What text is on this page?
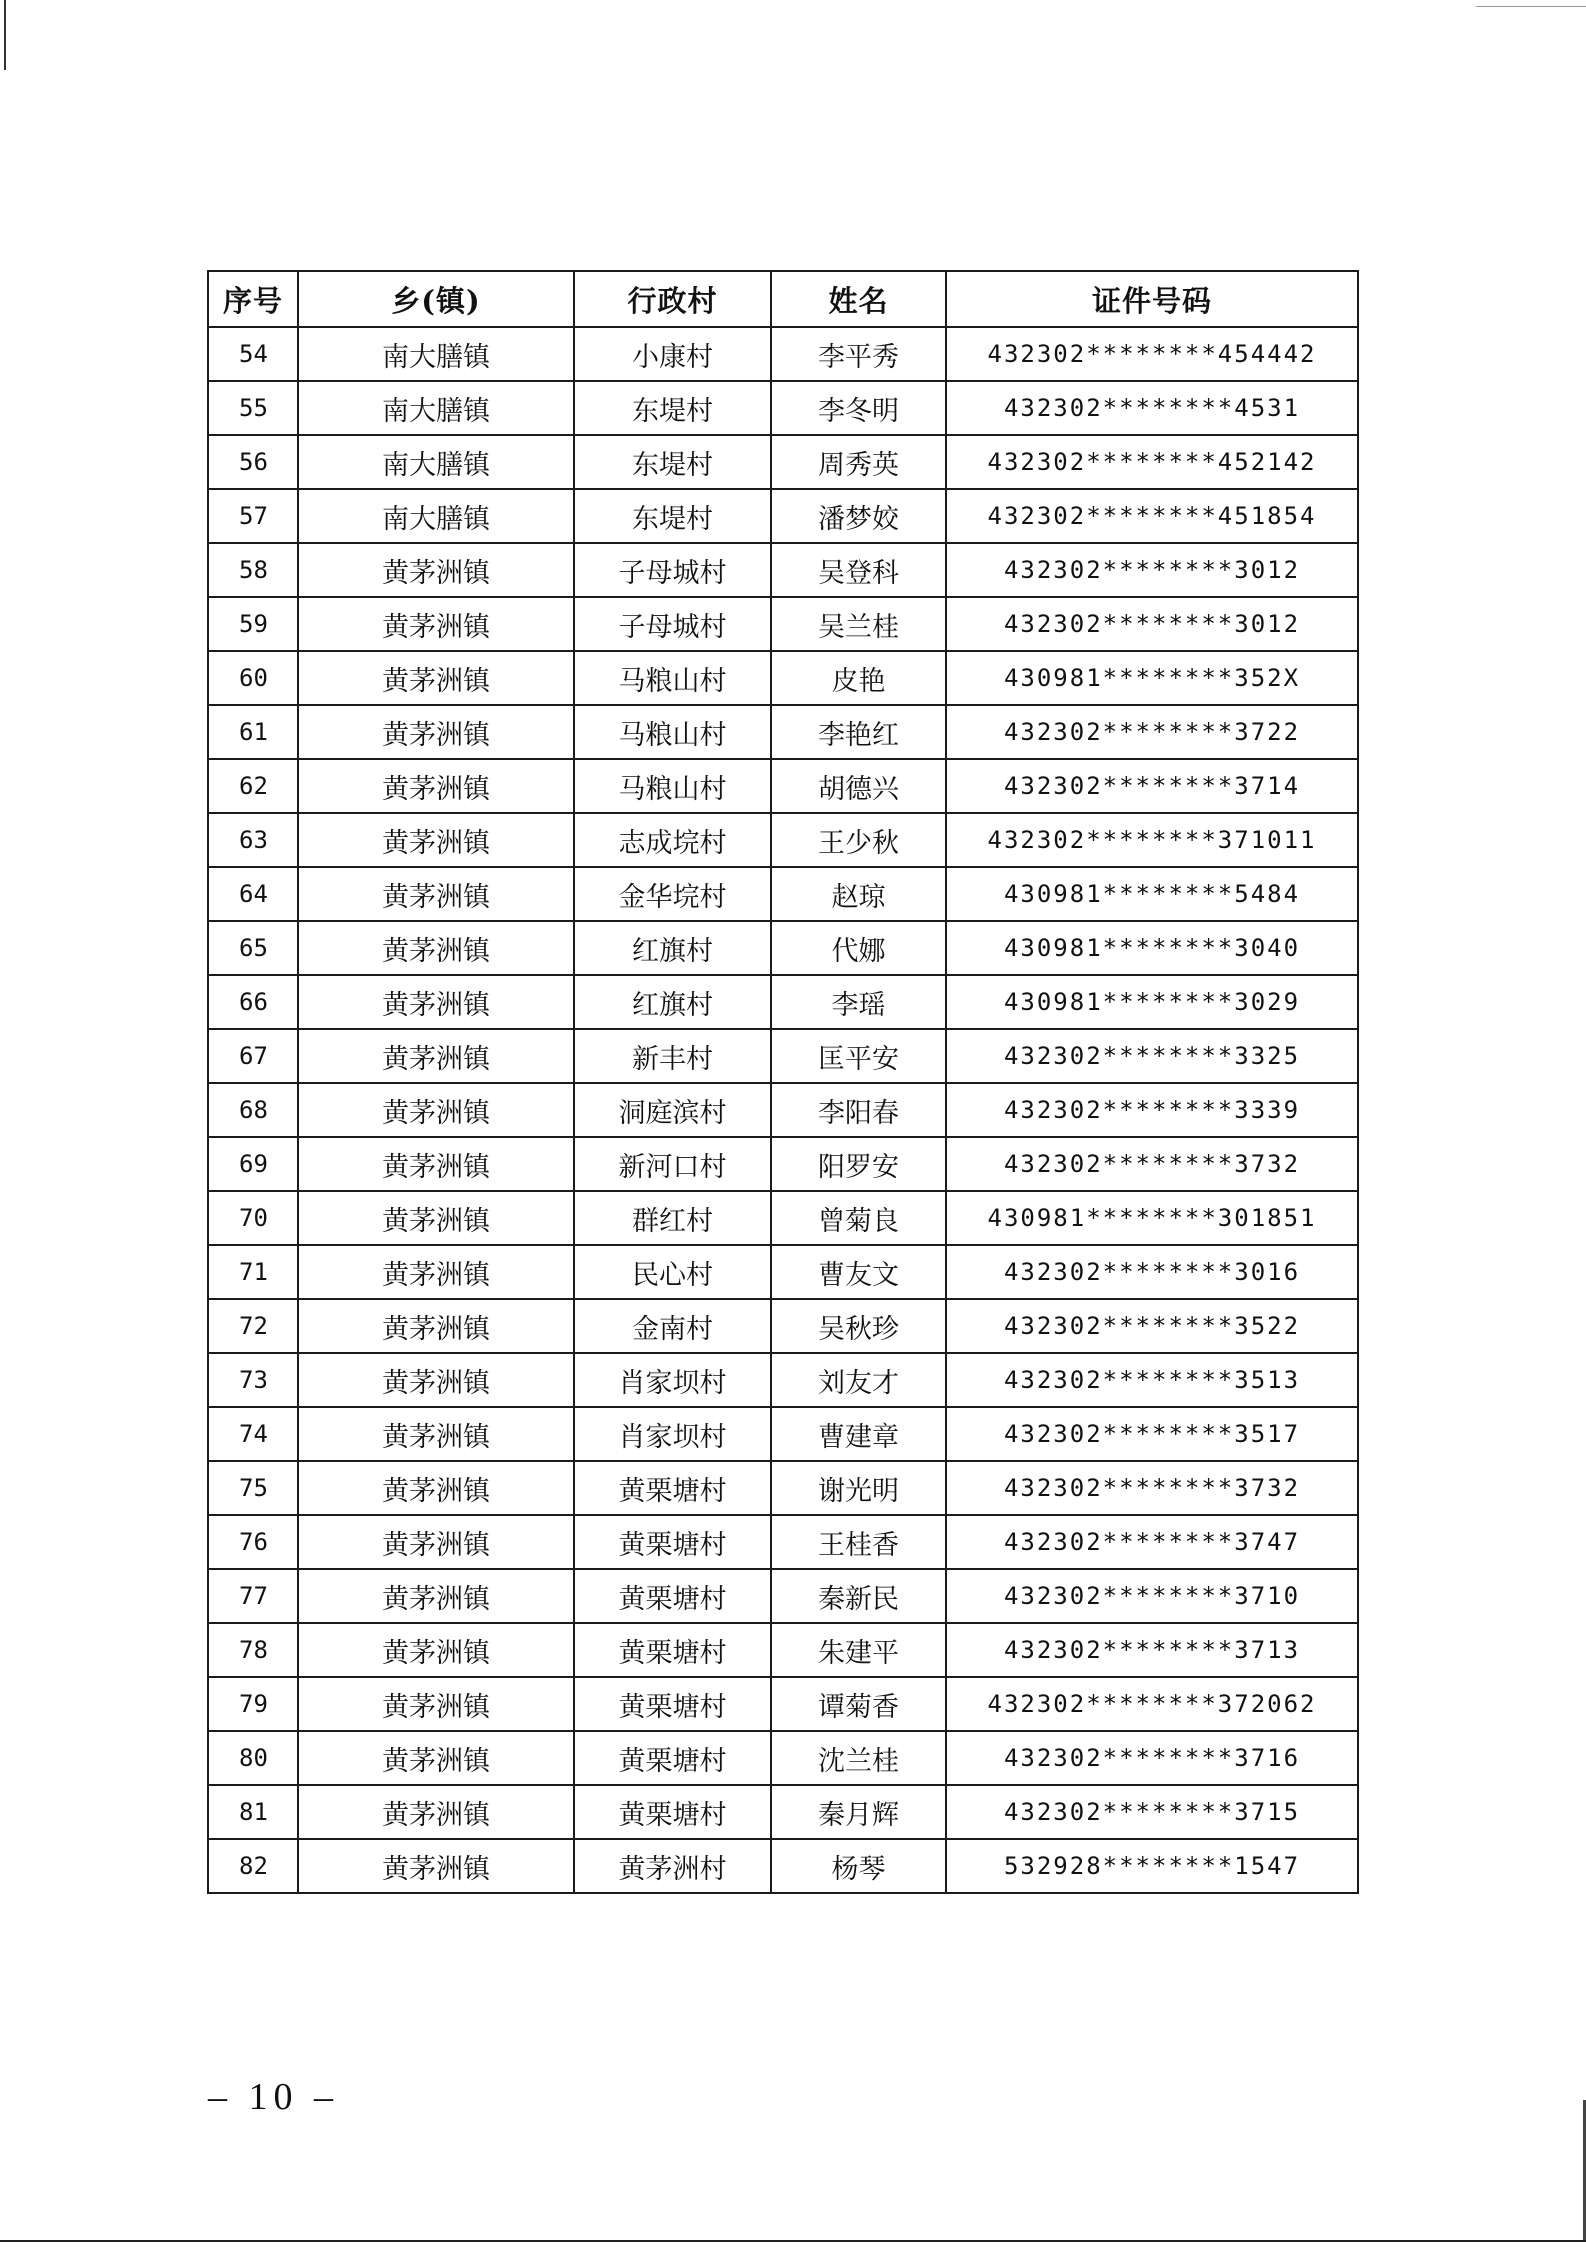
序号	乡(镇)	行政村	姓名	证件号码
54	南大膳镇	小康村	李平秀	432302********454442
55	南大膳镇	东堤村	李冬明	432302********4531
56	南大膳镇	东堤村	周秀英	432302********452142
57	南大膳镇	东堤村	潘梦姣	432302********451854
58	黄茅洲镇	子母城村	吴登科	432302********3012
59	黄茅洲镇	子母城村	吴兰桂	432302********3012
60	黄茅洲镇	马粮山村	皮艳	430981********352X
61	黄茅洲镇	马粮山村	李艳红	432302********3722
62	黄茅洲镇	马粮山村	胡德兴	432302********3714
63	黄茅洲镇	志成垸村	王少秋	432302********371011
64	黄茅洲镇	金华垸村	赵琼	430981********5484
65	黄茅洲镇	红旗村	代娜	430981********3040
66	黄茅洲镇	红旗村	李瑶	430981********3029
67	黄茅洲镇	新丰村	匡平安	432302********3325
68	黄茅洲镇	洞庭滨村	李阳春	432302********3339
69	黄茅洲镇	新河口村	阳罗安	432302********3732
70	黄茅洲镇	群红村	曾菊良	430981********301851
71	黄茅洲镇	民心村	曹友文	432302********3016
72	黄茅洲镇	金南村	吴秋珍	432302********3522
73	黄茅洲镇	肖家坝村	刘友才	432302********3513
74	黄茅洲镇	肖家坝村	曹建章	432302********3517
75	黄茅洲镇	黄栗塘村	谢光明	432302********3732
76	黄茅洲镇	黄栗塘村	王桂香	432302********3747
77	黄茅洲镇	黄栗塘村	秦新民	432302********3710
78	黄茅洲镇	黄栗塘村	朱建平	432302********3713
79	黄茅洲镇	黄栗塘村	谭菊香	432302********372062
80	黄茅洲镇	黄栗塘村	沈兰桂	432302********3716
81	黄茅洲镇	黄栗塘村	秦月辉	432302********3715
82	黄茅洲镇	黄茅洲村	杨琴	532928********1547
– 10 –
